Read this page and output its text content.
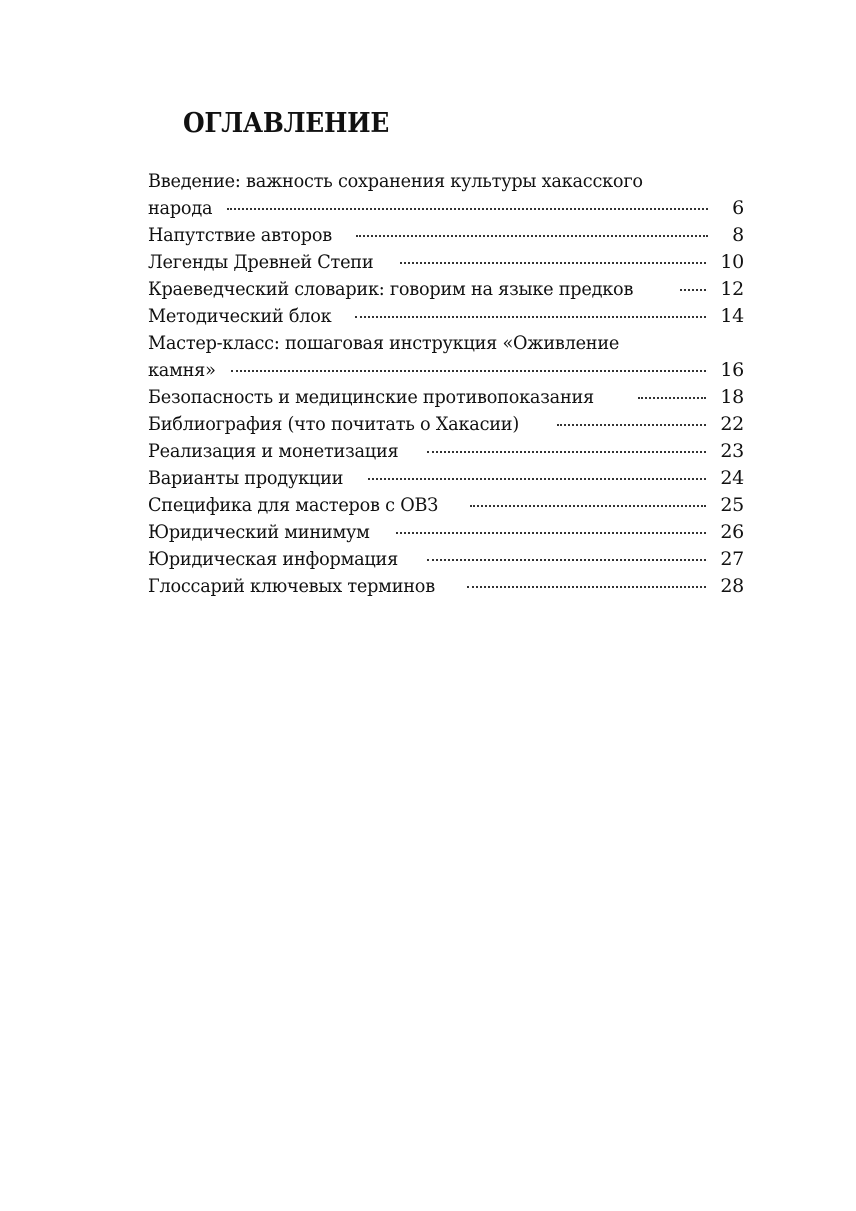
ОГЛАВЛЕНИЕ
Введение: важность сохранения культуры хакасского
народа	6
Напутствие авторов	8
Легенды Древней Степи	10
Краеведческий словарик: говорим на языке предков	12
Методический блок	14
Мастер-класс: пошаговая инструкция «Оживление
камня»	16
Безопасность и медицинские противопоказания	18
Библиография (что почитать о Хакасии)	22
Реализация и монетизация	23
Варианты продукции	24
Специфика для мастеров с ОВЗ	25
Юридический минимум	26
Юридическая информация	27
Глоссарий ключевых терминов	28
